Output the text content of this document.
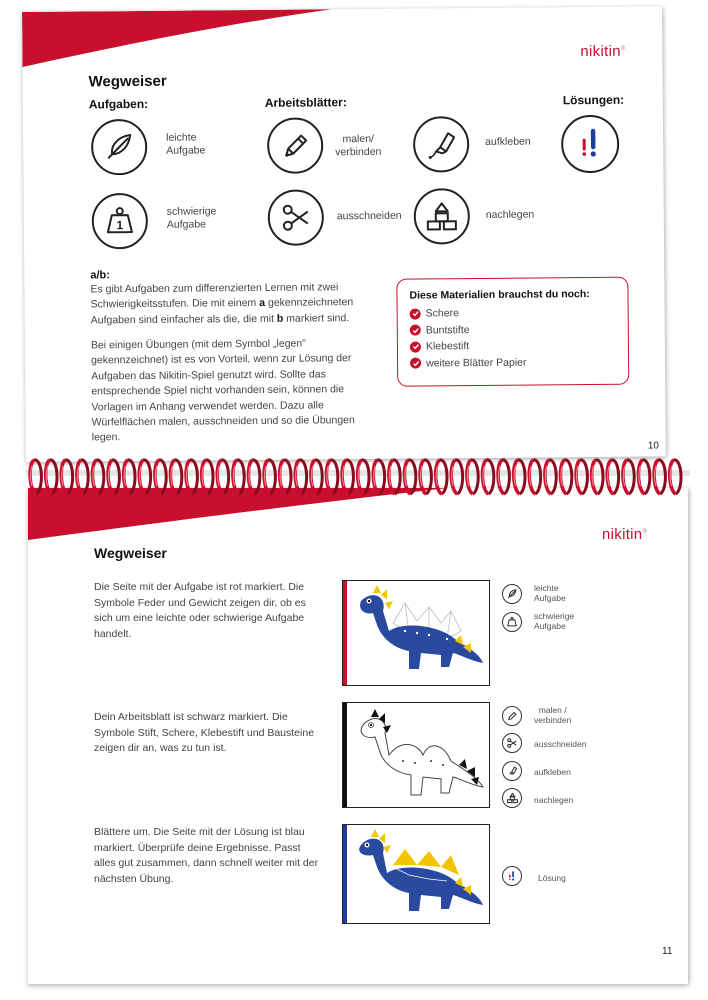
nikitin®
Wegweiser
Aufgaben:	Arbeitsblätter:	Lösungen:
leichte
Aufgabe
1
schwierige
Aufgabe
malen/
verbinden
aufkleben
ausschneiden	nachlegen
a/b:
Es gibt Aufgaben zum differenzierten Lernen mit zwei Schwierigkeitsstufen. Die mit einem a gekennzeichneten Aufgaben sind einfacher als die, die mit b markiert sind.
Bei einigen Übungen (mit dem Symbol „legen" gekennzeichnet) ist es von Vorteil, wenn zur Lösung der Aufgaben das Nikitin-Spiel genutzt wird. Sollte das entsprechende Spiel nicht vorhanden sein, können die Vorlagen im Anhang verwendet werden. Dazu alle Würfelflächen malen, ausschneiden und so die Übungen legen.
Diese Materialien brauchst du noch:
Schere
Buntstifte
Klebestift
weitere Blätter Papier
10
nikitin®
Wegweiser
Die Seite mit der Aufgabe ist rot markiert. Die Symbole Feder und Gewicht zeigen dir, ob es sich um eine leichte oder schwierige Aufgabe handelt.
leichte
Aufgabe
schwierige
Aufgabe
Dein Arbeitsblatt ist schwarz markiert. Die Symbole Stift, Schere, Klebestift und Bausteine zeigen dir an, was zu tun ist.
malen /
verbinden
ausschneiden
aufkleben
nachlegen
Blättere um. Die Seite mit der Lösung ist blau markiert. Überprüfe deine Ergebnisse. Passt alles gut zusammen, dann schnell weiter mit der nächsten Übung.	Lösung
11
